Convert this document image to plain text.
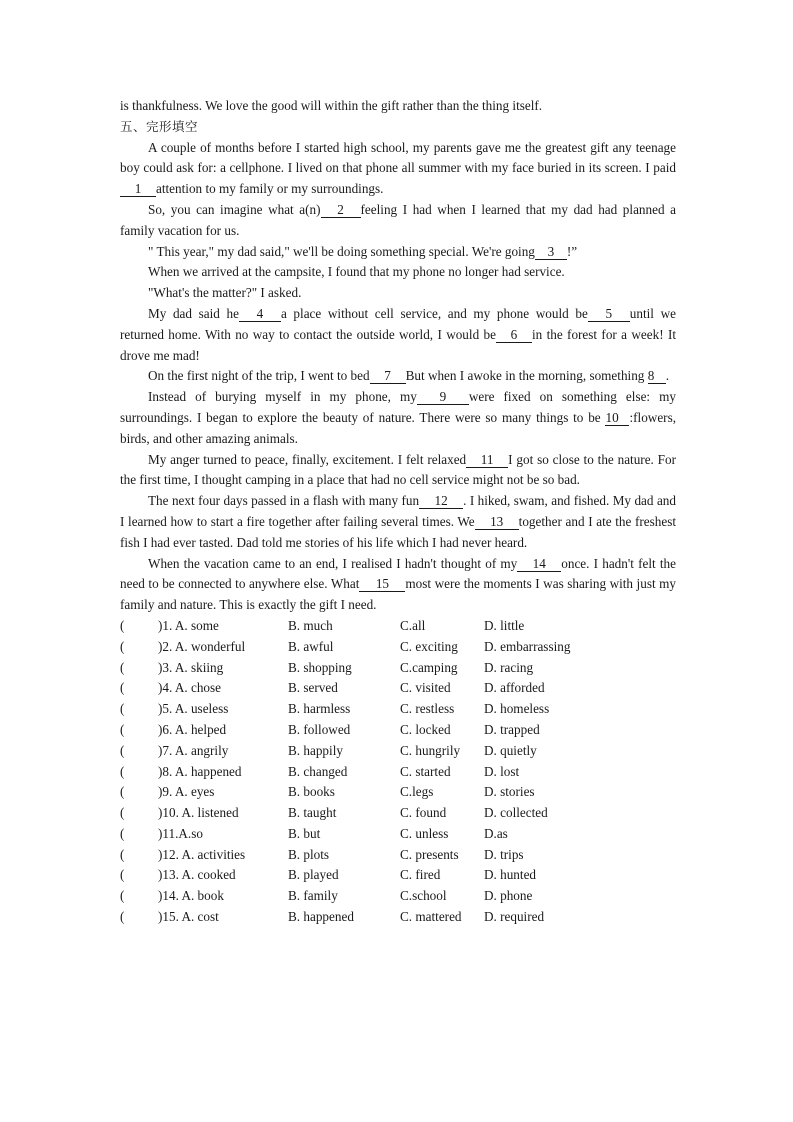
is thankfulness. We love the good will within the gift rather than the thing itself.
五、完形填空
A couple of months before I started high school, my parents gave me the greatest gift any teenage boy could ask for: a cellphone. I lived on that phone all summer with my face buried in its screen. I paid1 attention to my family or my surroundings.
So, you can imagine what a(n) 2 feeling I had when I learned that my dad had planned a family vacation for us.
" This year," my dad said," we'll be doing something special. We're going 3 !”
When we arrived at the campsite, I found that my phone no longer had service.
"What's the matter?" I asked.
My dad said he 4 a place without cell service, and my phone would be 5 until we returned home. With no way to contact the outside world, I would be 6 in the forest for a week! It drove me mad!
On the first night of the trip, I went to bed 7 But when I awoke in the morning, something 8 .
Instead of burying myself in my phone, my 9 were fixed on something else: my surroundings. I began to explore the beauty of nature. There were so many things to be 10 :flowers, birds, and other amazing animals.
My anger turned to peace, finally, excitement. I felt relaxed 11 I got so close to the nature. For the first time, I thought camping in a place that had no cell service might not be so bad.
The next four days passed in a flash with many fun 12 . I hiked, swam, and fished. My dad and I learned how to start a fire together after failing several times. We 13 together and I ate the freshest fish I had ever tasted. Dad told me stories of his life which I had never heard.
When the vacation came to an end, I realised I hadn't thought of my 14 once. I hadn't felt the need to be connected to anywhere else. What 15 most were the moments I was sharing with just my family and nature. This is exactly the gift I need.
(	)1. A. some	B. much	C.all	D. little
(	)2. A. wonderful	B. awful	C. exciting	D. embarrassing
(	)3. A. skiing	B. shopping	C.camping	D. racing
(	)4. A. chose	B. served	C. visited	D. afforded
(	)5. A. useless	B. harmless	C. restless	D. homeless
(	)6. A. helped	B. followed	C. locked	D. trapped
(	)7. A. angrily	B. happily	C. hungrily	D. quietly
(	)8. A. happened	B. changed	C. started	D. lost
(	)9. A. eyes	B. books	C.legs	D. stories
(	)10. A. listened	B. taught	C. found	D. collected
(	)11.A.so	B. but	C. unless	D.as
(	)12. A. activities	B. plots	C. presents	D. trips
(	)13. A. cooked	B. played	C. fired	D. hunted
(	)14. A. book	B. family	C.school	D. phone
(	)15. A. cost	B. happened	C. mattered	D. required
